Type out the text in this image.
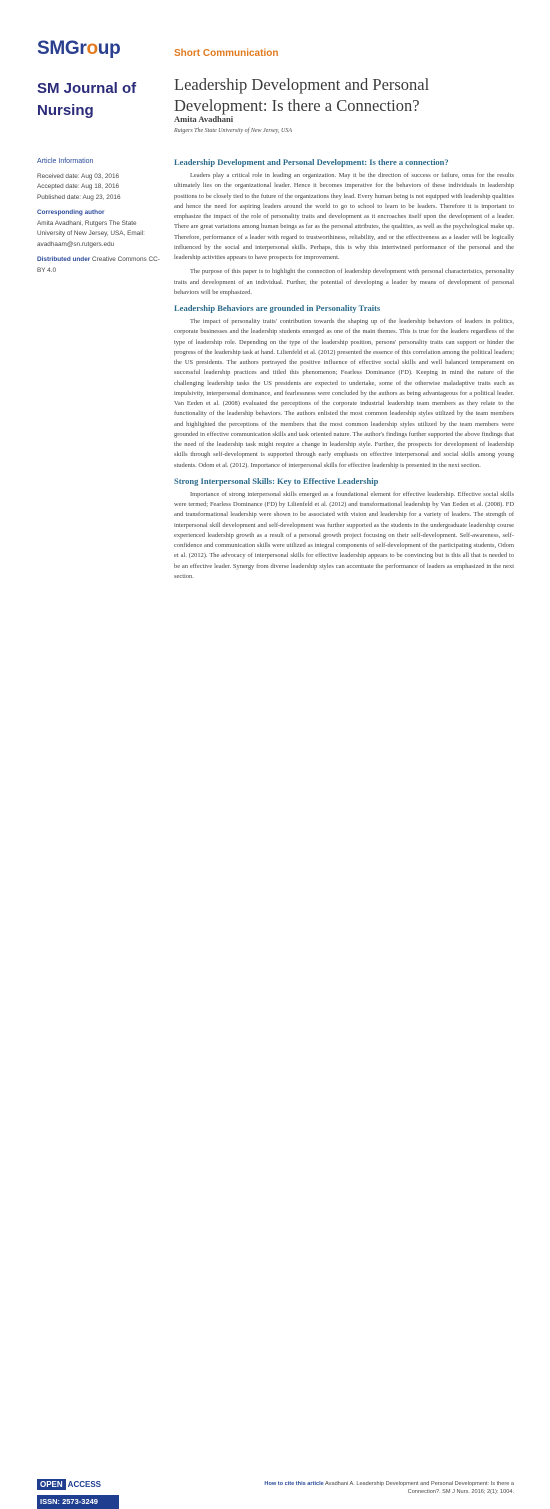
SMGroup	Short Communication
SM Journal of Nursing
Leadership Development and Personal Development: Is there a Connection?
Amita Avadhani
Rutgers The State University of New Jersey, USA
Article Information
Received date: Aug 03, 2016
Accepted date: Aug 18, 2016
Published date: Aug 23, 2016
Corresponding author
Amita Avadhani, Rutgers The State University of New Jersey, USA, Email: avadhaam@sn.rutgers.edu
Distributed under Creative Commons CC-BY 4.0
Leadership Development and Personal Development: Is there a connection?

Leaders play a critical role in leading an organization. May it be the direction of success or failure, onus for the results ultimately lies on the organizational leader. Hence it becomes imperative for the behaviors of these individuals in leadership positions to be closely tied to the future of the organizations they lead. Every human being is not equipped with leadership qualities and hence the need for aspiring leaders around the world to go to school to learn to be leaders. Therefore it is important to emphasize the impact of the role of personality traits and development as it encroaches itself upon the development of a leader. There are great variations among human beings as far as the personal attributes, the qualities, as well as the psychological make up. Therefore, performance of a leader with regard to trustworthiness, reliability, and or the effectiveness as a leader will be logically influenced by the social and interpersonal skills. Perhaps, this is why this intertwined performance of the personal and the leadership activities appears to have prospects for improvement.

The purpose of this paper is to highlight the connection of leadership development with personal characteristics, personality traits and development of an individual. Further, the potential of developing a leader by means of development of personal behaviors will be emphasized.

Leadership Behaviors are grounded in Personality Traits

The impact of personality traits' contribution towards the shaping up of the leadership behaviors of leaders in politics, corporate businesses and the leadership students emerged as one of the main themes. This is true for the leaders regardless of the type of leadership role. Depending on the type of the leadership position, persons' personality traits can support or hinder the progress of the leadership task at hand. Lilienfeld et al. (2012) presented the essence of this correlation among the political leaders; the US presidents. The authors portrayed the positive influence of effective social skills and well balanced temperament on successful leadership practices and titled this phenomenon; Fearless Dominance (FD). Keeping in mind the nature of the challenging leadership tasks the US presidents are expected to undertake, some of the otherwise maladaptive traits such as impulsivity, interpersonal dominance, and fearlessness were concluded by the authors as being advantageous for a political leader. Van Eeden et al. (2008) evaluated the perceptions of the corporate industrial leadership team members as they relate to the functionality of the leadership behaviors. The authors enlisted the most common leadership styles utilized by the team members and highlighted the perceptions of the members that the most common leadership styles utilized by the team members were grounded in effective communication skills and task oriented nature. The author's findings further supported the above findings that the need of the leadership task might require a change in leadership style. Further, the prospects for development of leadership skills through self-development is supported through early emphasis on effective interpersonal and social skills among young students. Odom et al. (2012). Importance of interpersonal skills for effective leadership is presented in the next section.

Strong Interpersonal Skills: Key to Effective Leadership

Importance of strong interpersonal skills emerged as a foundational element for effective leadership. Effective social skills were termed; Fearless Dominance (FD) by Lilienfeld et al. (2012) and transformational leadership by Van Eeden et al. (2008). FD and transformational leadership were shown to be associated with vision and leadership for a variety of leaders. The strength of interpersonal skill development and self-development was further supported as the students in the undergraduate leadership course experienced leadership growth as a result of a personal growth project focusing on their self-development. Self-awareness, self-confidence and communication skills were utilized as integral components of self-development of the participating students, Odom et al. (2012). The advocacy of interpersonal skills for effective leadership appears to be convincing but is this all that is needed to be an effective leader. Synergy from diverse leadership styles can accentuate the performance of leaders as emphasized in the next section.

OPEN ACCESS
ISSN: 2573-3249
How to cite this article Avadhani A. Leadership Development and Personal Development: Is there a Connection?. SM J Nurs. 2016; 2(1): 1004.
